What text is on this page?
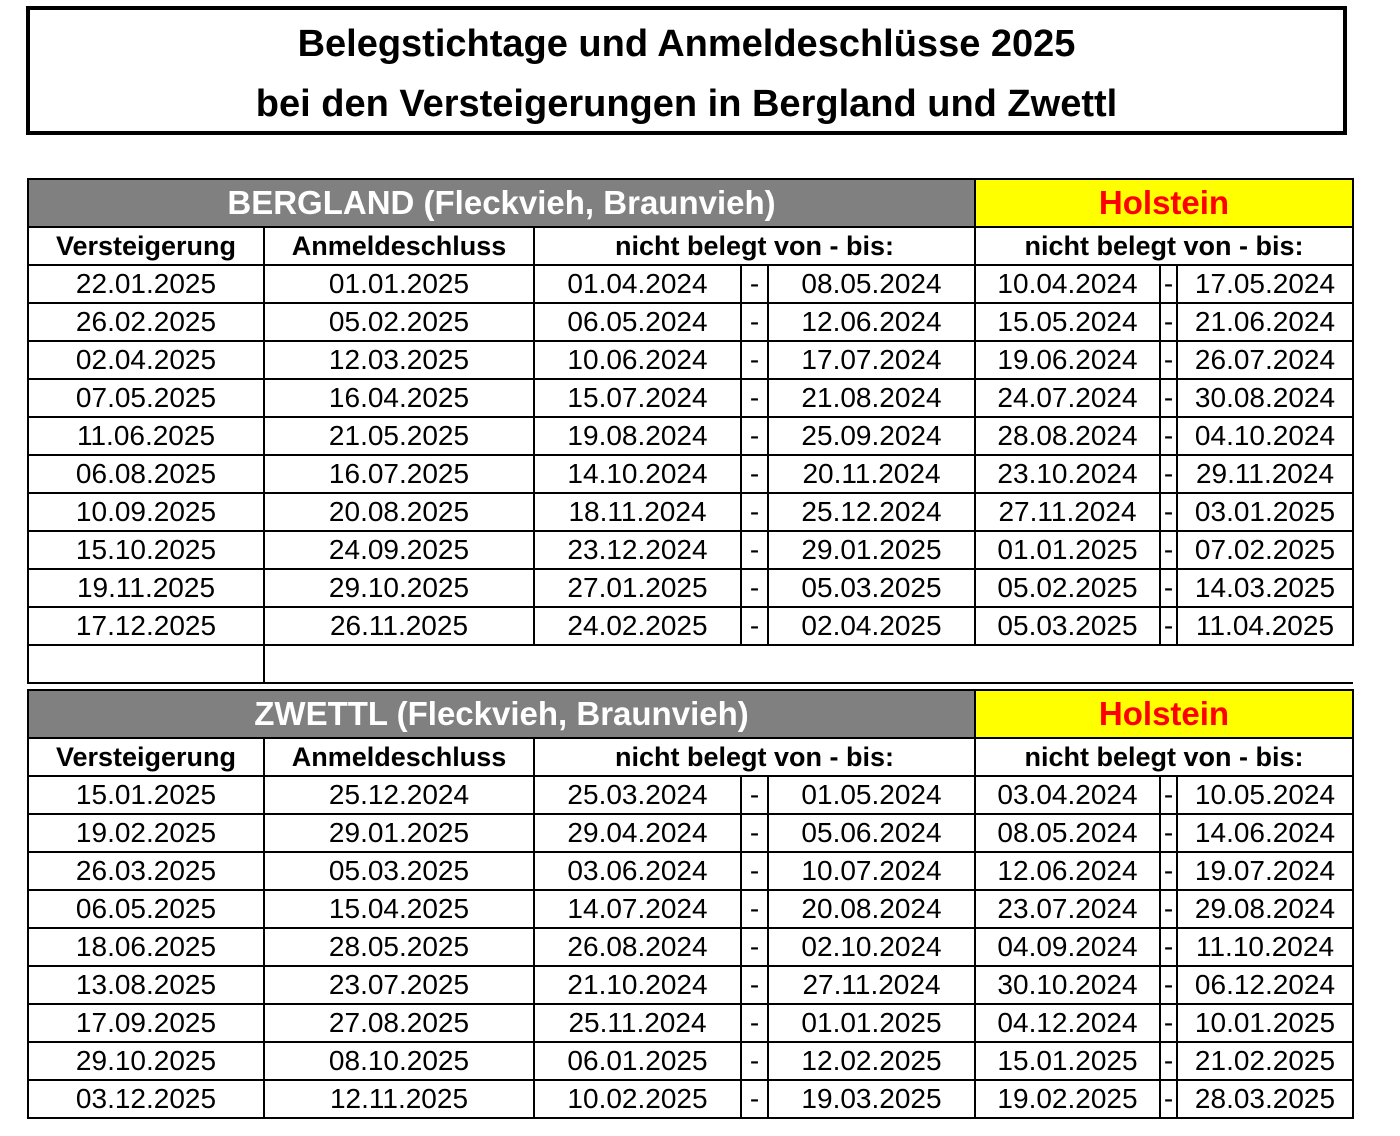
Belegstichtage und Anmeldeschlüsse 2025
bei den Versteigerungen in Bergland und Zwettl
BERGLAND (Fleckvieh, Braunvieh)					Holstein		
Versteigerung	Anmeldeschluss	nicht belegt von - bis:			nicht belegt von - bis:		
22.01.2025	01.01.2025	01.04.2024	-	08.05.2024	10.04.2024	-	17.05.2024
26.02.2025	05.02.2025	06.05.2024	-	12.06.2024	15.05.2024	-	21.06.2024
02.04.2025	12.03.2025	10.06.2024	-	17.07.2024	19.06.2024	-	26.07.2024
07.05.2025	16.04.2025	15.07.2024	-	21.08.2024	24.07.2024	-	30.08.2024
11.06.2025	21.05.2025	19.08.2024	-	25.09.2024	28.08.2024	-	04.10.2024
06.08.2025	16.07.2025	14.10.2024	-	20.11.2024	23.10.2024	-	29.11.2024
10.09.2025	20.08.2025	18.11.2024	-	25.12.2024	27.11.2024	-	03.01.2025
15.10.2025	24.09.2025	23.12.2024	-	29.01.2025	01.01.2025	-	07.02.2025
19.11.2025	29.10.2025	27.01.2025	-	05.03.2025	05.02.2025	-	14.03.2025
17.12.2025	26.11.2025	24.02.2025	-	02.04.2025	05.03.2025	-	11.04.2025

ZWETTL (Fleckvieh, Braunvieh)					Holstein		
Versteigerung	Anmeldeschluss	nicht belegt von - bis:			nicht belegt von - bis:		
15.01.2025	25.12.2024	25.03.2024	-	01.05.2024	03.04.2024	-	10.05.2024
19.02.2025	29.01.2025	29.04.2024	-	05.06.2024	08.05.2024	-	14.06.2024
26.03.2025	05.03.2025	03.06.2024	-	10.07.2024	12.06.2024	-	19.07.2024
06.05.2025	15.04.2025	14.07.2024	-	20.08.2024	23.07.2024	-	29.08.2024
18.06.2025	28.05.2025	26.08.2024	-	02.10.2024	04.09.2024	-	11.10.2024
13.08.2025	23.07.2025	21.10.2024	-	27.11.2024	30.10.2024	-	06.12.2024
17.09.2025	27.08.2025	25.11.2024	-	01.01.2025	04.12.2024	-	10.01.2025
29.10.2025	08.10.2025	06.01.2025	-	12.02.2025	15.01.2025	-	21.02.2025
03.12.2025	12.11.2025	10.02.2025	-	19.03.2025	19.02.2025	-	28.03.2025
